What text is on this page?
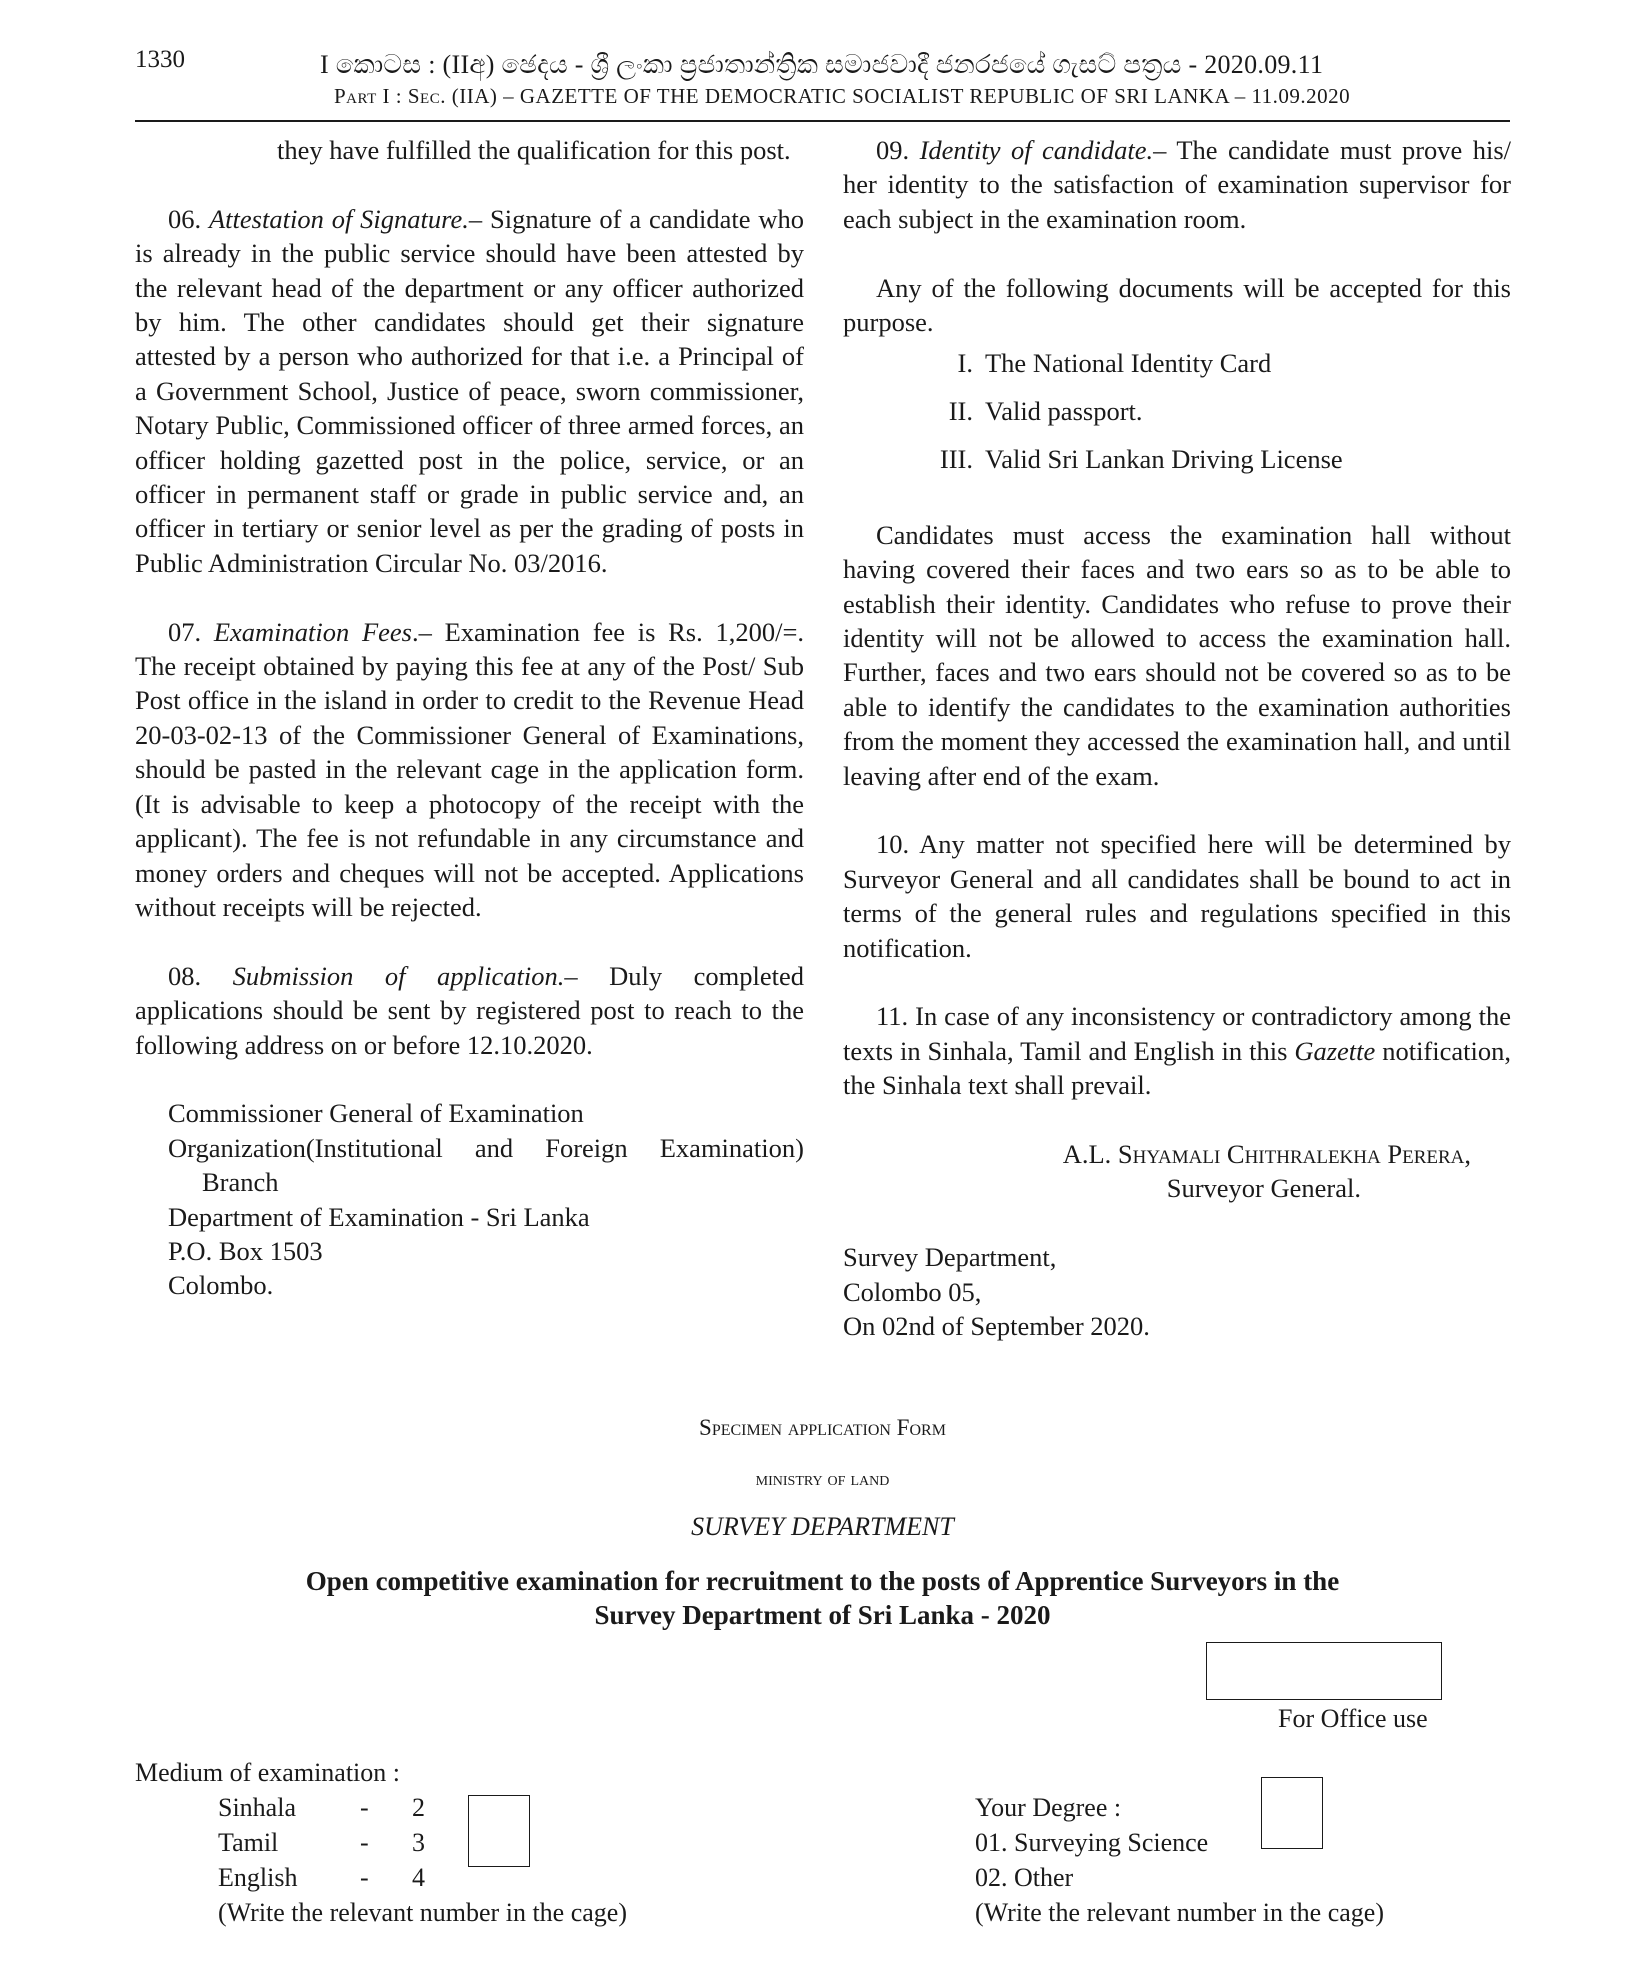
1330	I කොටස : (IIඅ) ඡෙදය - ශ්‍රී ලංකා ප්‍රජාතාන්ත්‍රික සමාජවාදී ජනරජයේ ගැසට් පත්‍රය - 2020.09.11
Part I : Sec. (IIA) – GAZETTE OF THE DEMOCRATIC SOCIALIST REPUBLIC OF SRI LANKA – 11.09.2020

they have fulfilled the qualification for this post.

06. Attestation of Signature.– Signature of a candidate who is already in the public service should have been attested by the relevant head of the department or any officer authorized by him. The other candidates should get their signature attested by a person who authorized for that i.e. a Principal of a Government School, Justice of peace, sworn commissioner, Notary Public, Commissioned officer of three armed forces, an officer holding gazetted post in the police, service, or an officer in permanent staff or grade in public service and, an officer in tertiary or senior level as per the grading of posts in Public Administration Circular No. 03/2016.

07. Examination Fees.– Examination fee is Rs. 1,200/=. The receipt obtained by paying this fee at any of the Post/ Sub Post office in the island in order to credit to the Revenue Head 20-03-02-13 of the Commissioner General of Examinations, should be pasted in the relevant cage in the application form. (It is advisable to keep a photocopy of the receipt with the applicant). The fee is not refundable in any circumstance and money orders and cheques will not be accepted. Applications without receipts will be rejected.

08. Submission of application.– Duly completed applications should be sent by registered post to reach to the following address on or before 12.10.2020.

Commissioner General of Examination

Organization(Institutional and Foreign Examination)

Branch

Department of Examination - Sri Lanka

P.O. Box 1503

Colombo.

09. Identity of candidate.– The candidate must prove his/ her identity to the satisfaction of examination supervisor for each subject in the examination room.

Any of the following documents will be accepted for this purpose.

I. The National Identity Card
II. Valid passport.
III. Valid Sri Lankan Driving License

Candidates must access the examination hall without having covered their faces and two ears so as to be able to establish their identity. Candidates who refuse to prove their identity will not be allowed to access the examination hall. Further, faces and two ears should not be covered so as to be able to identify the candidates to the examination authorities from the moment they accessed the examination hall, and until leaving after end of the exam.

10. Any matter not specified here will be determined by Surveyor General and all candidates shall be bound to act in terms of the general rules and regulations specified in this notification.

11. In case of any inconsistency or contradictory among the texts in Sinhala, Tamil and English in this Gazette notification, the Sinhala text shall prevail.

A.L. Shyamali Chithralekha Perera,

Surveyor General.

Survey Department,

Colombo 05,

On 02nd of September 2020.

Specimen application Form
ministry of land
SURVEY DEPARTMENT
Open competitive examination for recruitment to the posts of Apprentice Surveyors in the
Survey Department of Sri Lanka - 2020
For Office use
Medium of examination :
Sinhala	-	2
Tamil	-	3
English	-	4
(Write the relevant number in the cage)
Your Degree :
01. Surveying Science
02. Other
(Write the relevant number in the cage)
